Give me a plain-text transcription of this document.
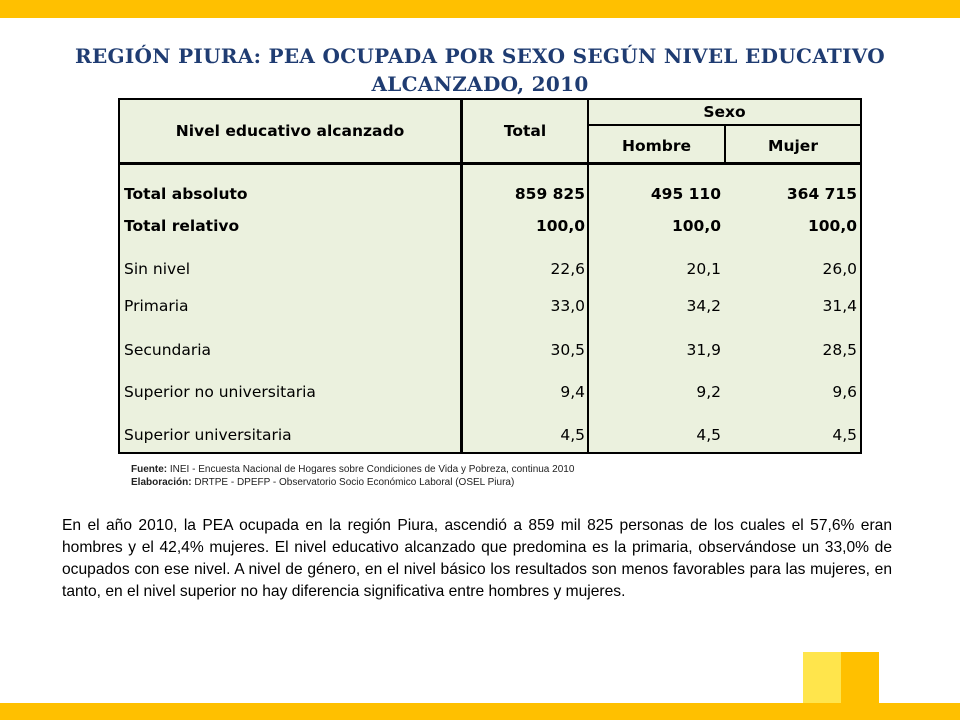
REGIÓN PIURA: PEA OCUPADA POR SEXO SEGÚN NIVEL EDUCATIVO
ALCANZADO, 2010
Nivel educativo alcanzado	Total
Sexo
Hombre	Mujer
Total absoluto	859 825	495 110	364 715
Total relativo	100,0	100,0	100,0
Sin nivel	22,6	20,1	26,0
Primaria	33,0	34,2	31,4
Secundaria	30,5	31,9	28,5
Superior no universitaria	9,4	9,2	9,6
Superior universitaria	4,5	4,5	4,5
Fuente: INEI - Encuesta Nacional de Hogares sobre Condiciones de Vida y Pobreza, continua 2010
Elaboración: DRTPE - DPEFP - Observatorio Socio Económico Laboral (OSEL Piura)
En el año 2010, la PEA ocupada en la región Piura, ascendió a 859 mil 825 personas de los cuales el 57,6% eran hombres y el 42,4% mujeres. El nivel educativo alcanzado que predomina es la primaria, observándose un 33,0% de ocupados con ese nivel. A nivel de género, en el nivel básico los resultados son menos favorables para las mujeres, en tanto, en el nivel superior no hay diferencia significativa entre hombres y mujeres.
